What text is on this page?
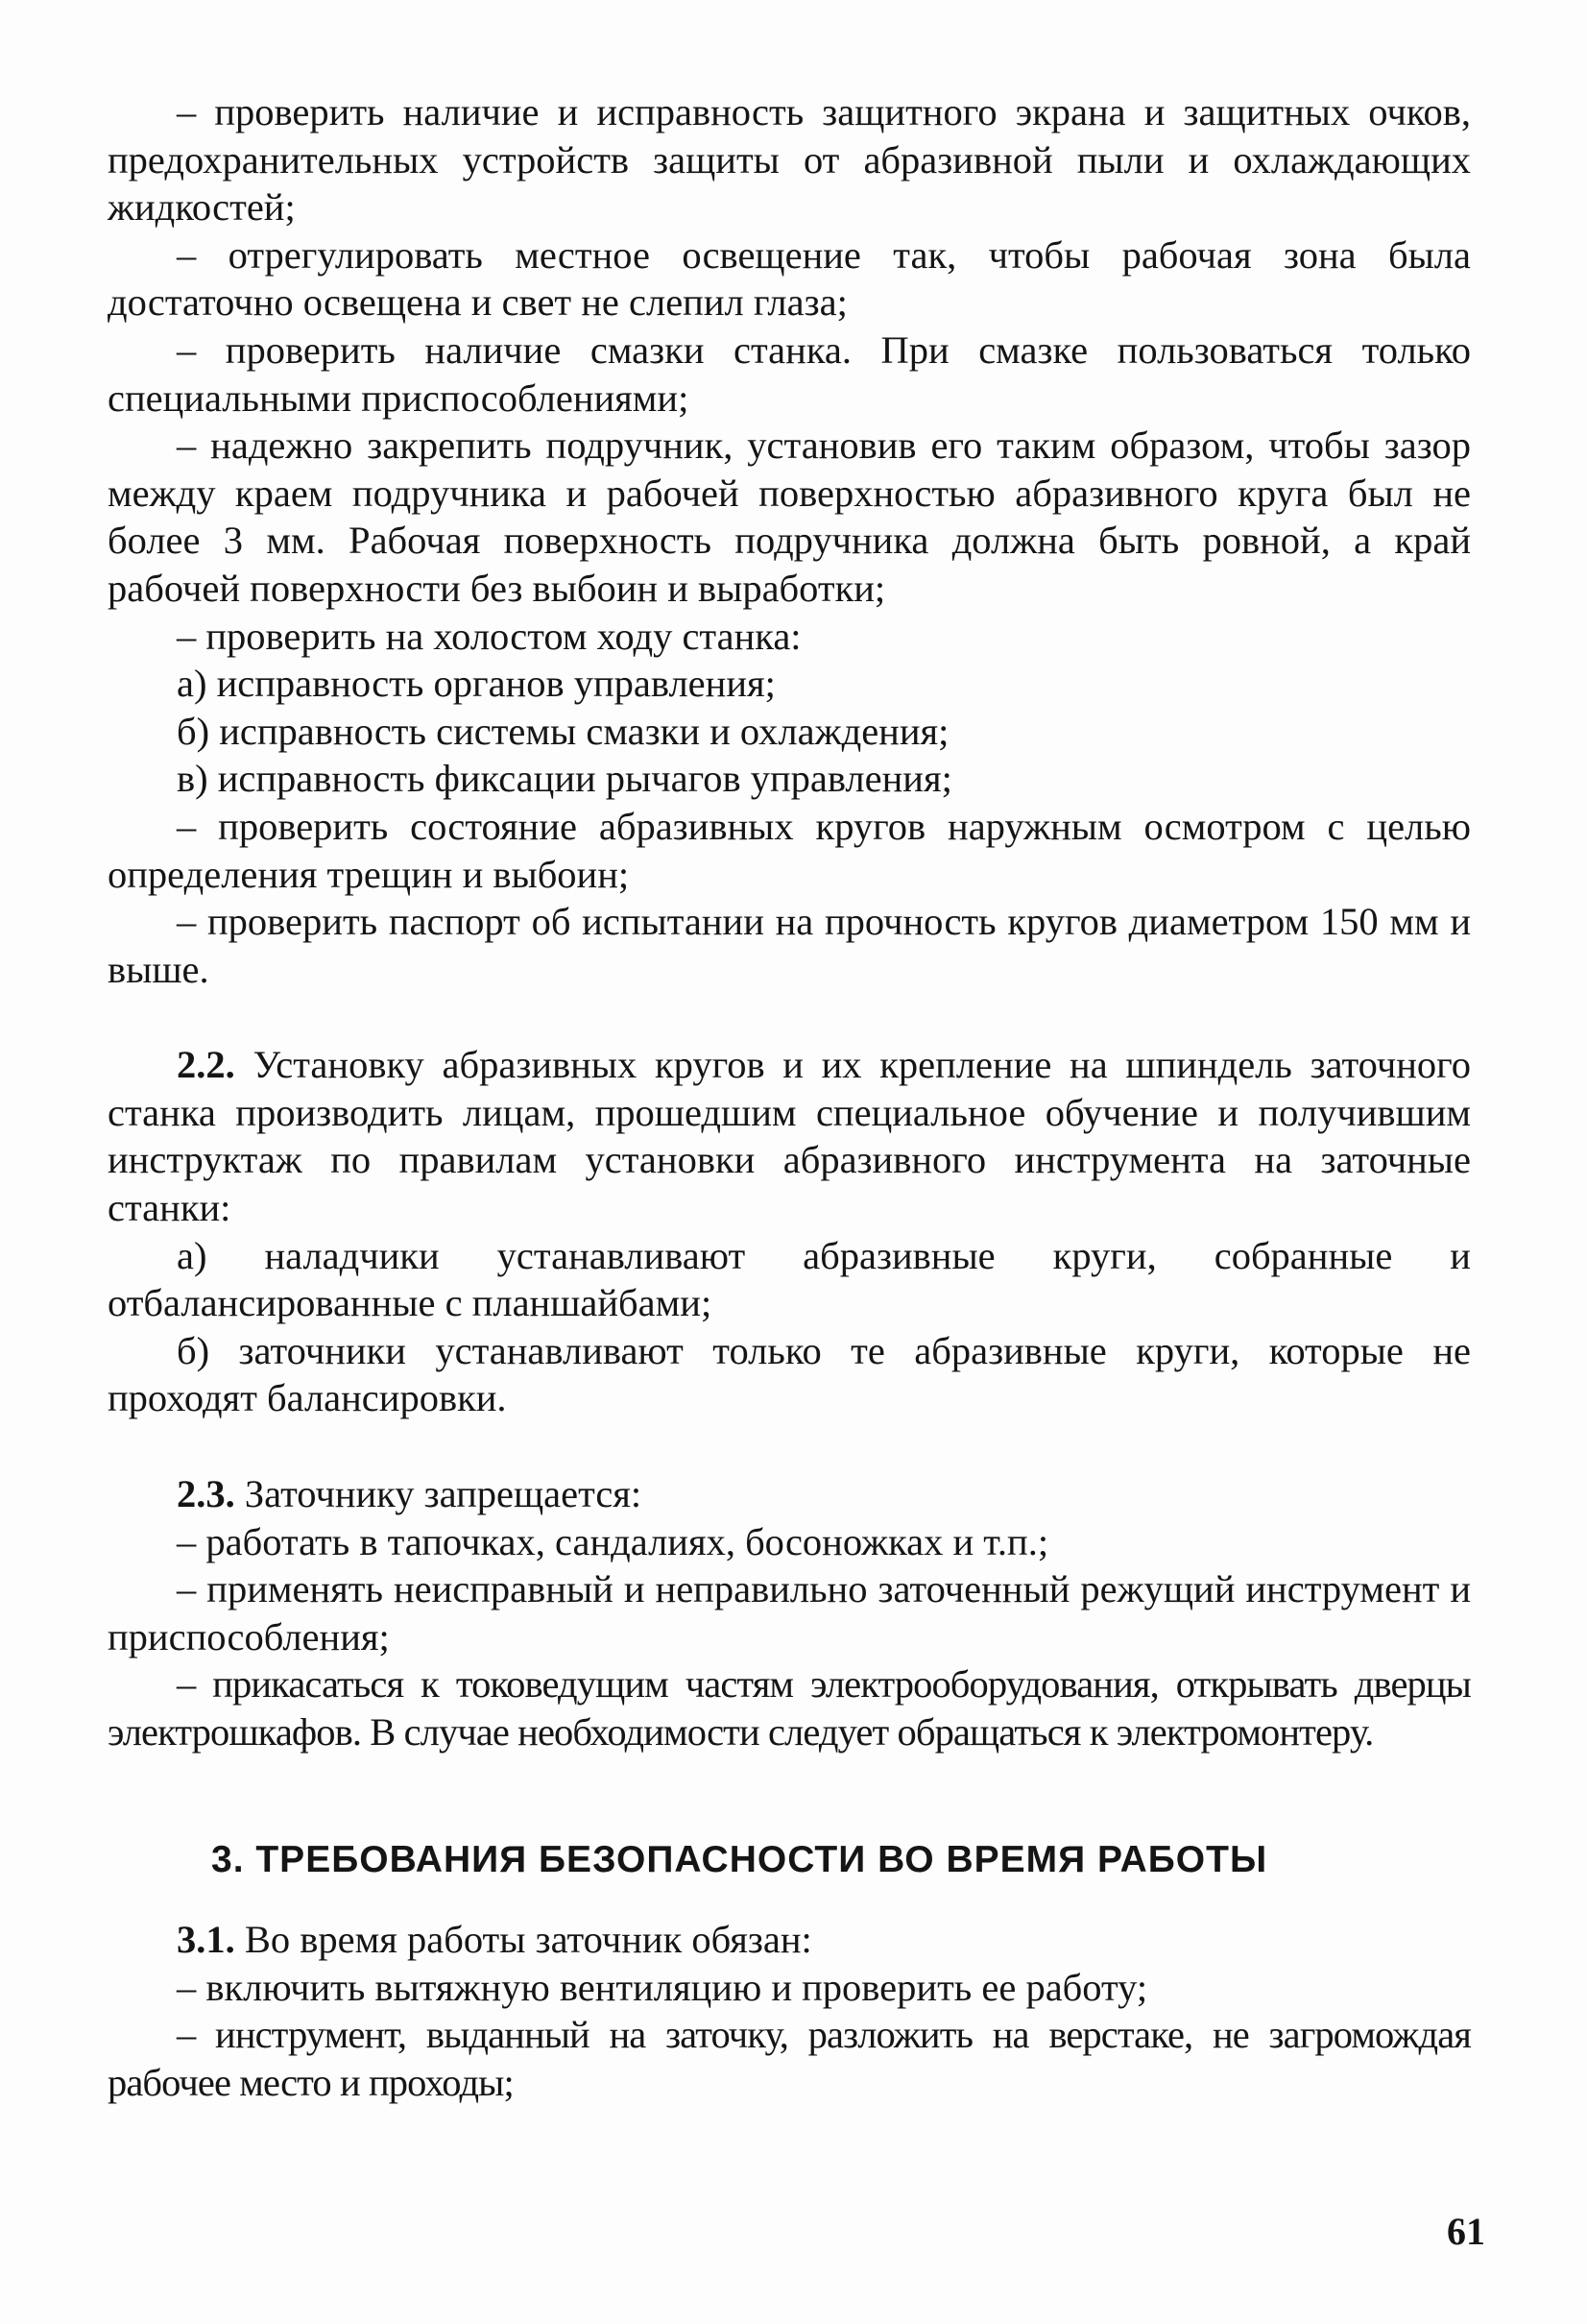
– проверить наличие и исправность защитного экрана и защитных очков, предохранительных устройств защиты от абразивной пыли и охлаждающих жидкостей;

– отрегулировать местное освещение так, чтобы рабочая зона была достаточно освещена и свет не слепил глаза;

– проверить наличие смазки станка. При смазке пользоваться только специальными приспособлениями;

– надежно закрепить подручник, установив его таким образом, чтобы зазор между краем подручника и рабочей поверхностью абразивного круга был не более 3 мм. Рабочая поверхность подручника должна быть ровной, а край рабочей поверхности без выбоин и выработки;

– проверить на холостом ходу станка:

а) исправность органов управления;

б) исправность системы смазки и охлаждения;

в) исправность фиксации рычагов управления;

– проверить состояние абразивных кругов наружным осмотром с целью определения трещин и выбоин;

– проверить паспорт об испытании на прочность кругов диаметром 150 мм и выше.

2.2. Установку абразивных кругов и их крепление на шпиндель заточного станка производить лицам, прошедшим специальное обучение и получившим инструктаж по правилам установки абразивного инструмента на заточные станки:

а) наладчики устанавливают абразивные круги, собранные и отбалансированные с планшайбами;

б) заточники устанавливают только те абразивные круги, которые не проходят балансировки.

2.3. Заточнику запрещается:

– работать в тапочках, сандалиях, босоножках и т.п.;

– применять неисправный и неправильно заточенный режущий инструмент и приспособления;

– прикасаться к токоведущим частям электрооборудования, открывать дверцы электрошкафов. В случае необходимости следует обращаться к электромонтеру.

3. ТРЕБОВАНИЯ БЕЗОПАСНОСТИ ВО ВРЕМЯ РАБОТЫ

3.1. Во время работы заточник обязан:

– включить вытяжную вентиляцию и проверить ее работу;

– инструмент, выданный на заточку, разложить на верстаке, не загромождая рабочее место и проходы;

61
